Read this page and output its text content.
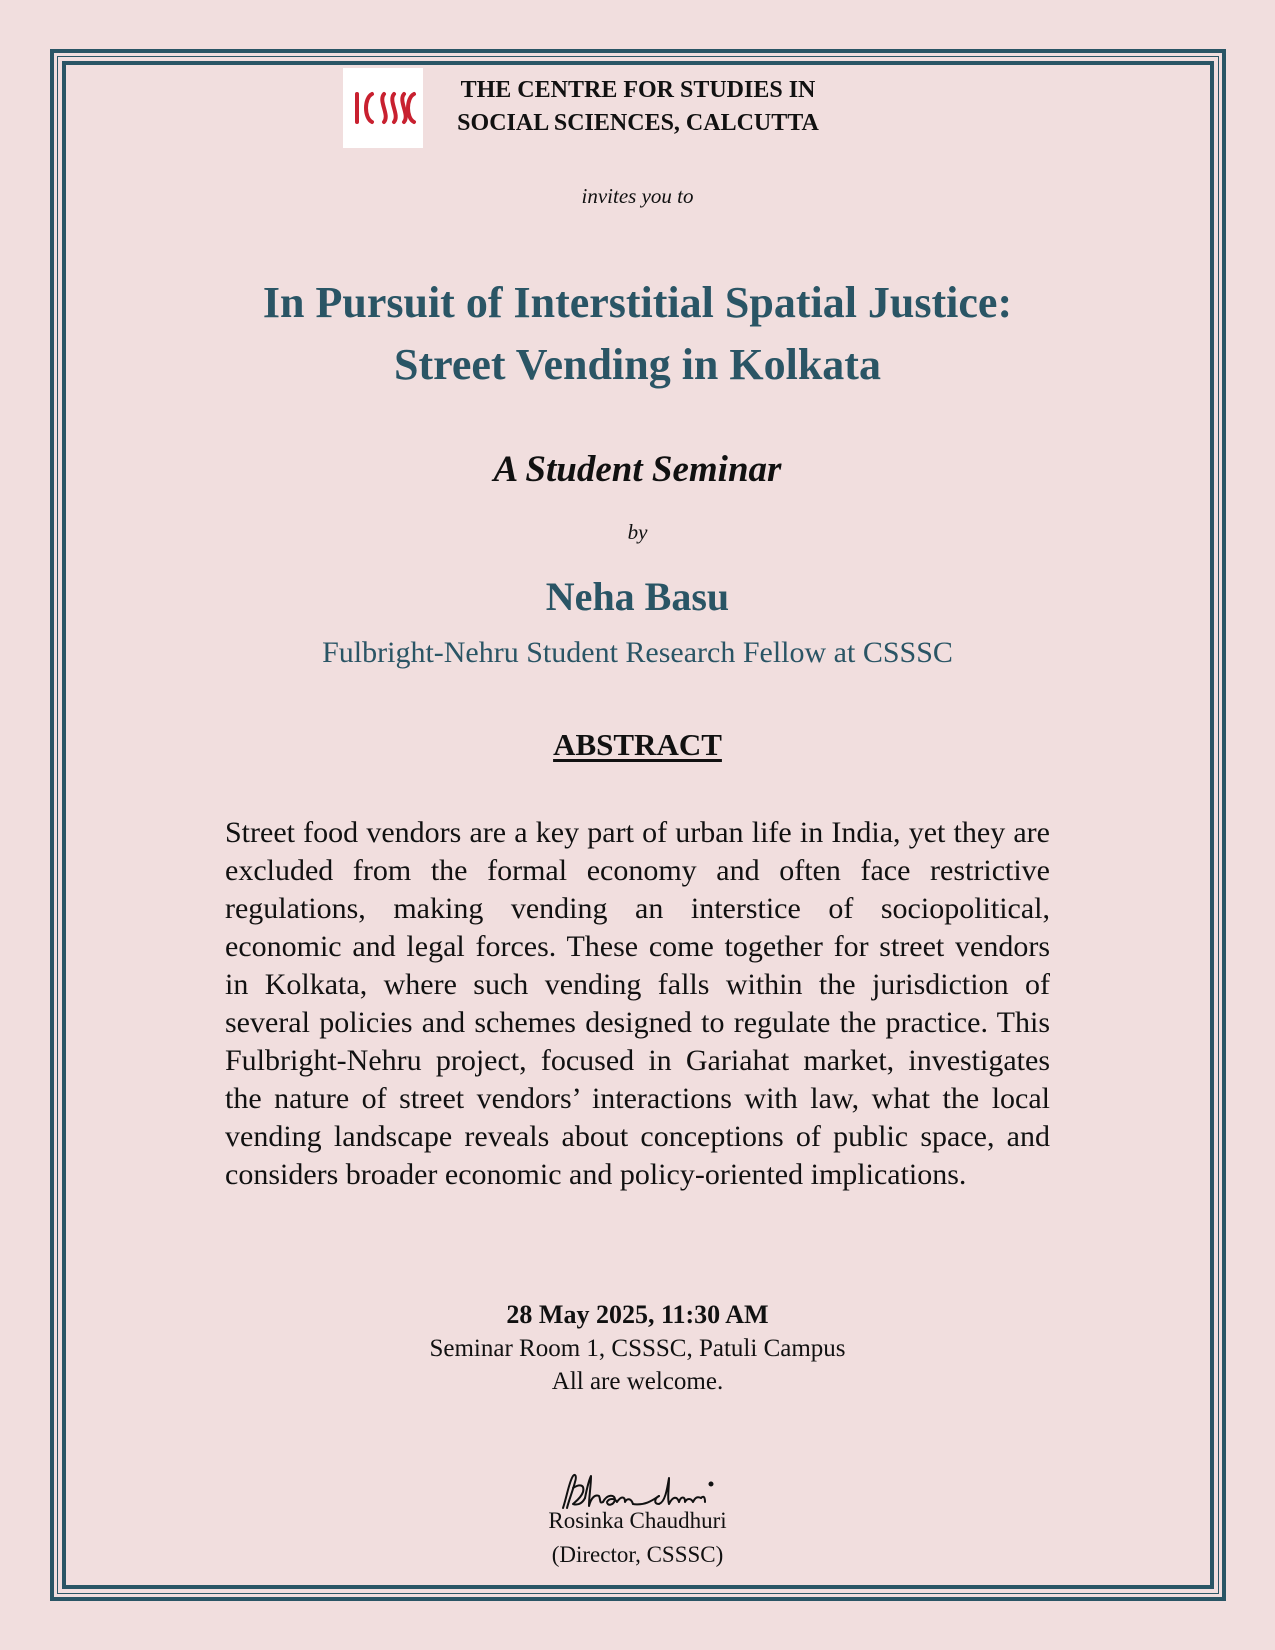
THE CENTRE FOR STUDIES IN
SOCIAL SCIENCES, CALCUTTA
invites you to
In Pursuit of Interstitial Spatial Justice:
Street Vending in Kolkata
A Student Seminar
by
Neha Basu
Fulbright-Nehru Student Research Fellow at CSSSC
ABSTRACT
Street food vendors are a key part of urban life in India, yet they are excluded from the formal economy and often face restrictive regulations, making vending an interstice of sociopolitical, economic and legal forces. These come together for street vendors in Kolkata, where such vending falls within the jurisdiction of several policies and schemes designed to regulate the practice. This Fulbright-Nehru project, focused in Gariahat market, investigates the nature of street vendors’ interactions with law, what the local vending landscape reveals about conceptions of public space, and considers broader economic and policy-oriented implications.
28 May 2025, 11:30 AM
Seminar Room 1, CSSSC, Patuli Campus
All are welcome.
Rosinka Chaudhuri
(Director, CSSSC)
